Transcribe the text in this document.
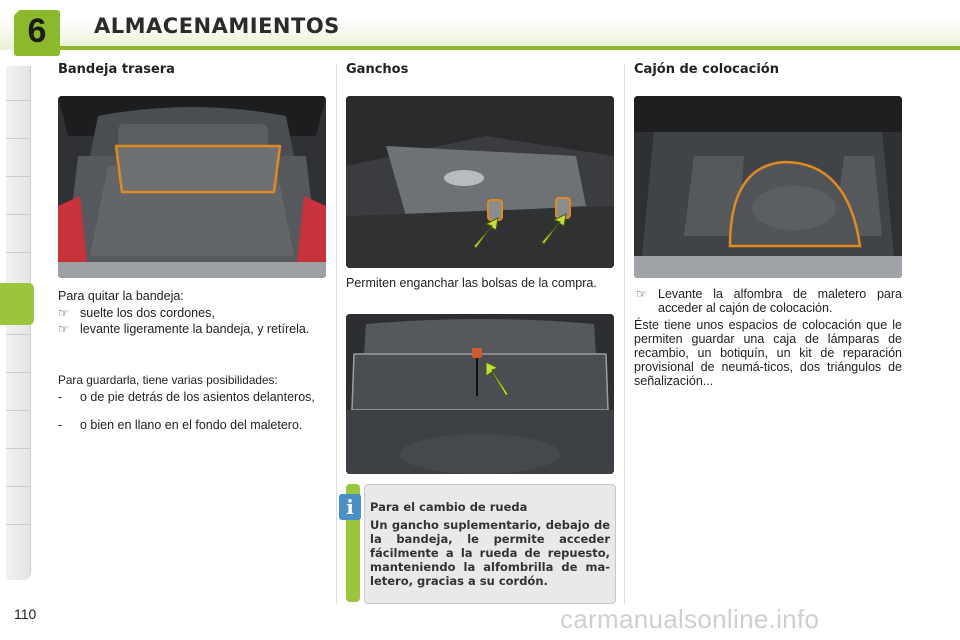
6	ALMACENAMIENTOS
Bandeja trasera
Para quitar la bandeja:
☞ suelte los dos cordones,
☞ levante ligeramente la bandeja, y retírela.
Para guardarla, tiene varias posibilidades:
- o de pie detrás de los asientos delanteros,
- o bien en llano en el fondo del maletero.
Ganchos
Permiten enganchar las bolsas de la compra.
i	Para el cambio de rueda
Un gancho suplementario, debajo de la bandeja, le permite acceder fácilmente a la rueda de repuesto, manteniendo la alfombrilla de ma-letero, gracias a su cordón.
Cajón de colocación
☞ Levante la alfombra de maletero para acceder al cajón de colocación.
Éste tiene unos espacios de colocación que le permiten guardar una caja de lámparas de recambio, un botiquín, un kit de reparación provisional de neumá-ticos, dos triángulos de señalización...
110	carmanualsonline.info
